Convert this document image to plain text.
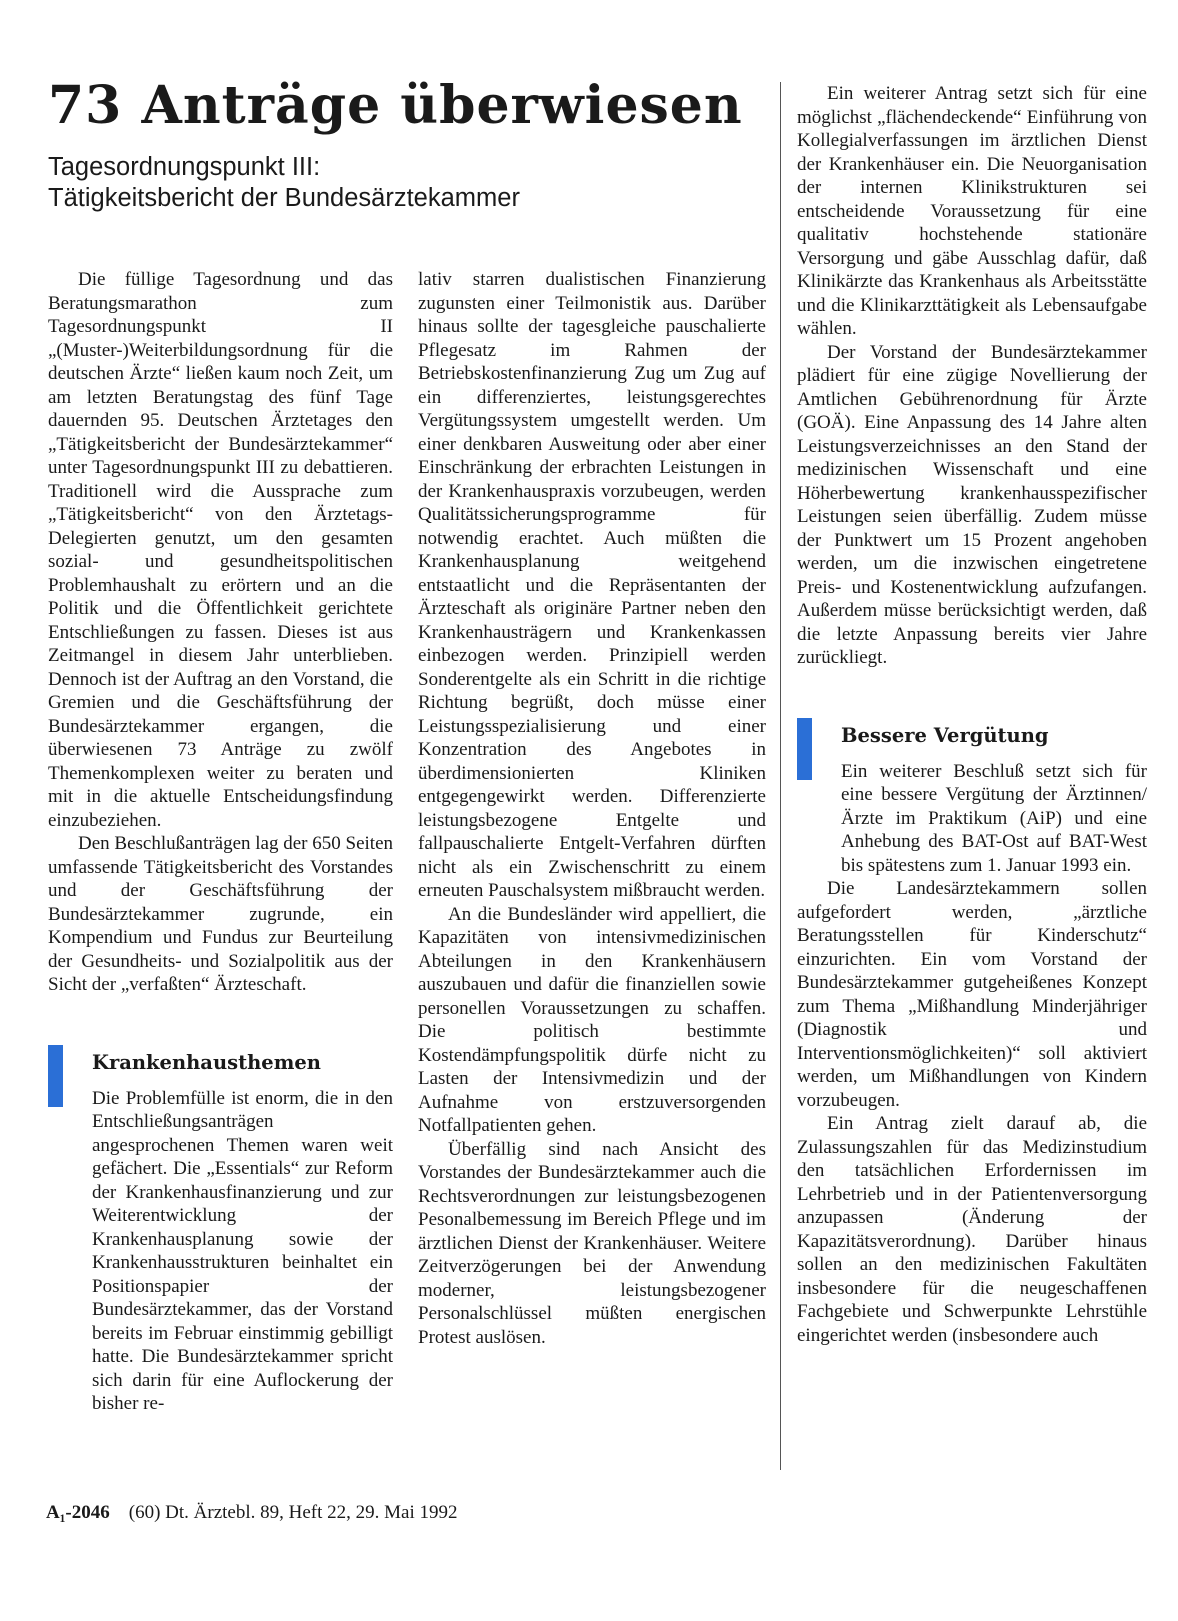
73 Anträge überwiesen
Tagesordnungspunkt III:
Tätigkeitsbericht der Bundesärztekammer

Die füllige Tagesordnung und das Beratungsmarathon zum Tagesordnungspunkt II „(Muster-)Weiterbildungsordnung für die deutschen Ärzte“ ließen kaum noch Zeit, um am letzten Beratungstag des fünf Tage dauernden 95. Deutschen Ärztetages den „Tätigkeitsbericht der Bundesärztekammer“ unter Tagesordnungspunkt III zu debattieren. Traditionell wird die Aussprache zum „Tätigkeitsbericht“ von den Ärztetags-Delegierten genutzt, um den gesamten sozial- und gesundheitspolitischen Problemhaushalt zu erörtern und an die Politik und die Öffentlichkeit gerichtete Entschließungen zu fassen. Dieses ist aus Zeitmangel in diesem Jahr unterblieben. Dennoch ist der Auftrag an den Vorstand, die Gremien und die Geschäftsführung der Bundesärztekammer ergangen, die überwiesenen 73 Anträge zu zwölf Themenkomplexen weiter zu beraten und mit in die aktuelle Entscheidungsfindung einzubeziehen.

Den Beschlußanträgen lag der 650 Seiten umfassende Tätigkeitsbericht des Vorstandes und der Geschäftsführung der Bundesärztekammer zugrunde, ein Kompendium und Fundus zur Beurteilung der Gesundheits- und Sozialpolitik aus der Sicht der „verfaßten“ Ärzteschaft.

Krankenhausthemen

Die Problemfülle ist enorm, die in den Entschließungsanträgen angesprochenen Themen waren weit gefächert. Die „Essentials“ zur Reform der Krankenhausfinanzierung und zur Weiterentwicklung der Krankenhausplanung sowie der Krankenhausstrukturen beinhaltet ein Positionspapier der Bundesärztekammer, das der Vorstand bereits im Februar einstimmig gebilligt hatte. Die Bundesärztekammer spricht sich darin für eine Auflockerung der bisher re-

lativ starren dualistischen Finanzierung zugunsten einer Teilmonistik aus. Darüber hinaus sollte der tagesgleiche pauschalierte Pflegesatz im Rahmen der Betriebskostenfinanzierung Zug um Zug auf ein differenziertes, leistungsgerechtes Vergütungssystem umgestellt werden. Um einer denkbaren Ausweitung oder aber einer Einschränkung der erbrachten Leistungen in der Krankenhauspraxis vorzubeugen, werden Qualitätssicherungsprogramme für notwendig erachtet. Auch müßten die Krankenhausplanung weitgehend entstaatlicht und die Repräsentanten der Ärzteschaft als originäre Partner neben den Krankenhausträgern und Krankenkassen einbezogen werden. Prinzipiell werden Sonderentgelte als ein Schritt in die richtige Richtung begrüßt, doch müsse einer Leistungsspezialisierung und einer Konzentration des Angebotes in überdimensionierten Kliniken entgegengewirkt werden. Differenzierte leistungsbezogene Entgelte und fallpauschalierte Entgelt-Verfahren dürften nicht als ein Zwischenschritt zu einem erneuten Pauschalsystem mißbraucht werden.

An die Bundesländer wird appelliert, die Kapazitäten von intensivmedizinischen Abteilungen in den Krankenhäusern auszubauen und dafür die finanziellen sowie personellen Voraussetzungen zu schaffen. Die politisch bestimmte Kostendämpfungspolitik dürfe nicht zu Lasten der Intensivmedizin und der Aufnahme von erstzuversorgenden Notfallpatienten gehen.

Überfällig sind nach Ansicht des Vorstandes der Bundesärztekammer auch die Rechtsverordnungen zur leistungsbezogenen Pesonalbemessung im Bereich Pflege und im ärztlichen Dienst der Krankenhäuser. Weitere Zeitverzögerungen bei der Anwendung moderner, leistungsbezogener Personalschlüssel müßten energischen Protest auslösen.

Ein weiterer Antrag setzt sich für eine möglichst „flächendeckende“ Einführung von Kollegialverfassungen im ärztlichen Dienst der Krankenhäuser ein. Die Neuorganisation der internen Klinikstrukturen sei entscheidende Voraussetzung für eine qualitativ hochstehende stationäre Versorgung und gäbe Ausschlag dafür, daß Klinikärzte das Krankenhaus als Arbeitsstätte und die Klinikarzttätigkeit als Lebensaufgabe wählen.

Der Vorstand der Bundesärztekammer plädiert für eine zügige Novellierung der Amtlichen Gebührenordnung für Ärzte (GOÄ). Eine Anpassung des 14 Jahre alten Leistungsverzeichnisses an den Stand der medizinischen Wissenschaft und eine Höherbewertung krankenhausspezifischer Leistungen seien überfällig. Zudem müsse der Punktwert um 15 Prozent angehoben werden, um die inzwischen eingetretene Preis- und Kostenentwicklung aufzufangen. Außerdem müsse berücksichtigt werden, daß die letzte Anpassung bereits vier Jahre zurückliegt.

Bessere Vergütung

Ein weiterer Beschluß setzt sich für eine bessere Vergütung der Ärztinnen/Ärzte im Praktikum (AiP) und eine Anhebung des BAT-Ost auf BAT-West bis spätestens zum 1. Januar 1993 ein.

Die Landesärztekammern sollen aufgefordert werden, „ärztliche Beratungsstellen für Kinderschutz“ einzurichten. Ein vom Vorstand der Bundesärztekammer gutgeheißenes Konzept zum Thema „Mißhandlung Minderjähriger (Diagnostik und Interventionsmöglichkeiten)“ soll aktiviert werden, um Mißhandlungen von Kindern vorzubeugen.

Ein Antrag zielt darauf ab, die Zulassungszahlen für das Medizinstudium den tatsächlichen Erfordernissen im Lehrbetrieb und in der Patientenversorgung anzupassen (Änderung der Kapazitätsverordnung). Darüber hinaus sollen an den medizinischen Fakultäten insbesondere für die neugeschaffenen Fachgebiete und Schwerpunkte Lehrstühle eingerichtet werden (insbesondere auch

A₁-2046 (60) Dt. Ärztebl. 89, Heft 22, 29. Mai 1992
